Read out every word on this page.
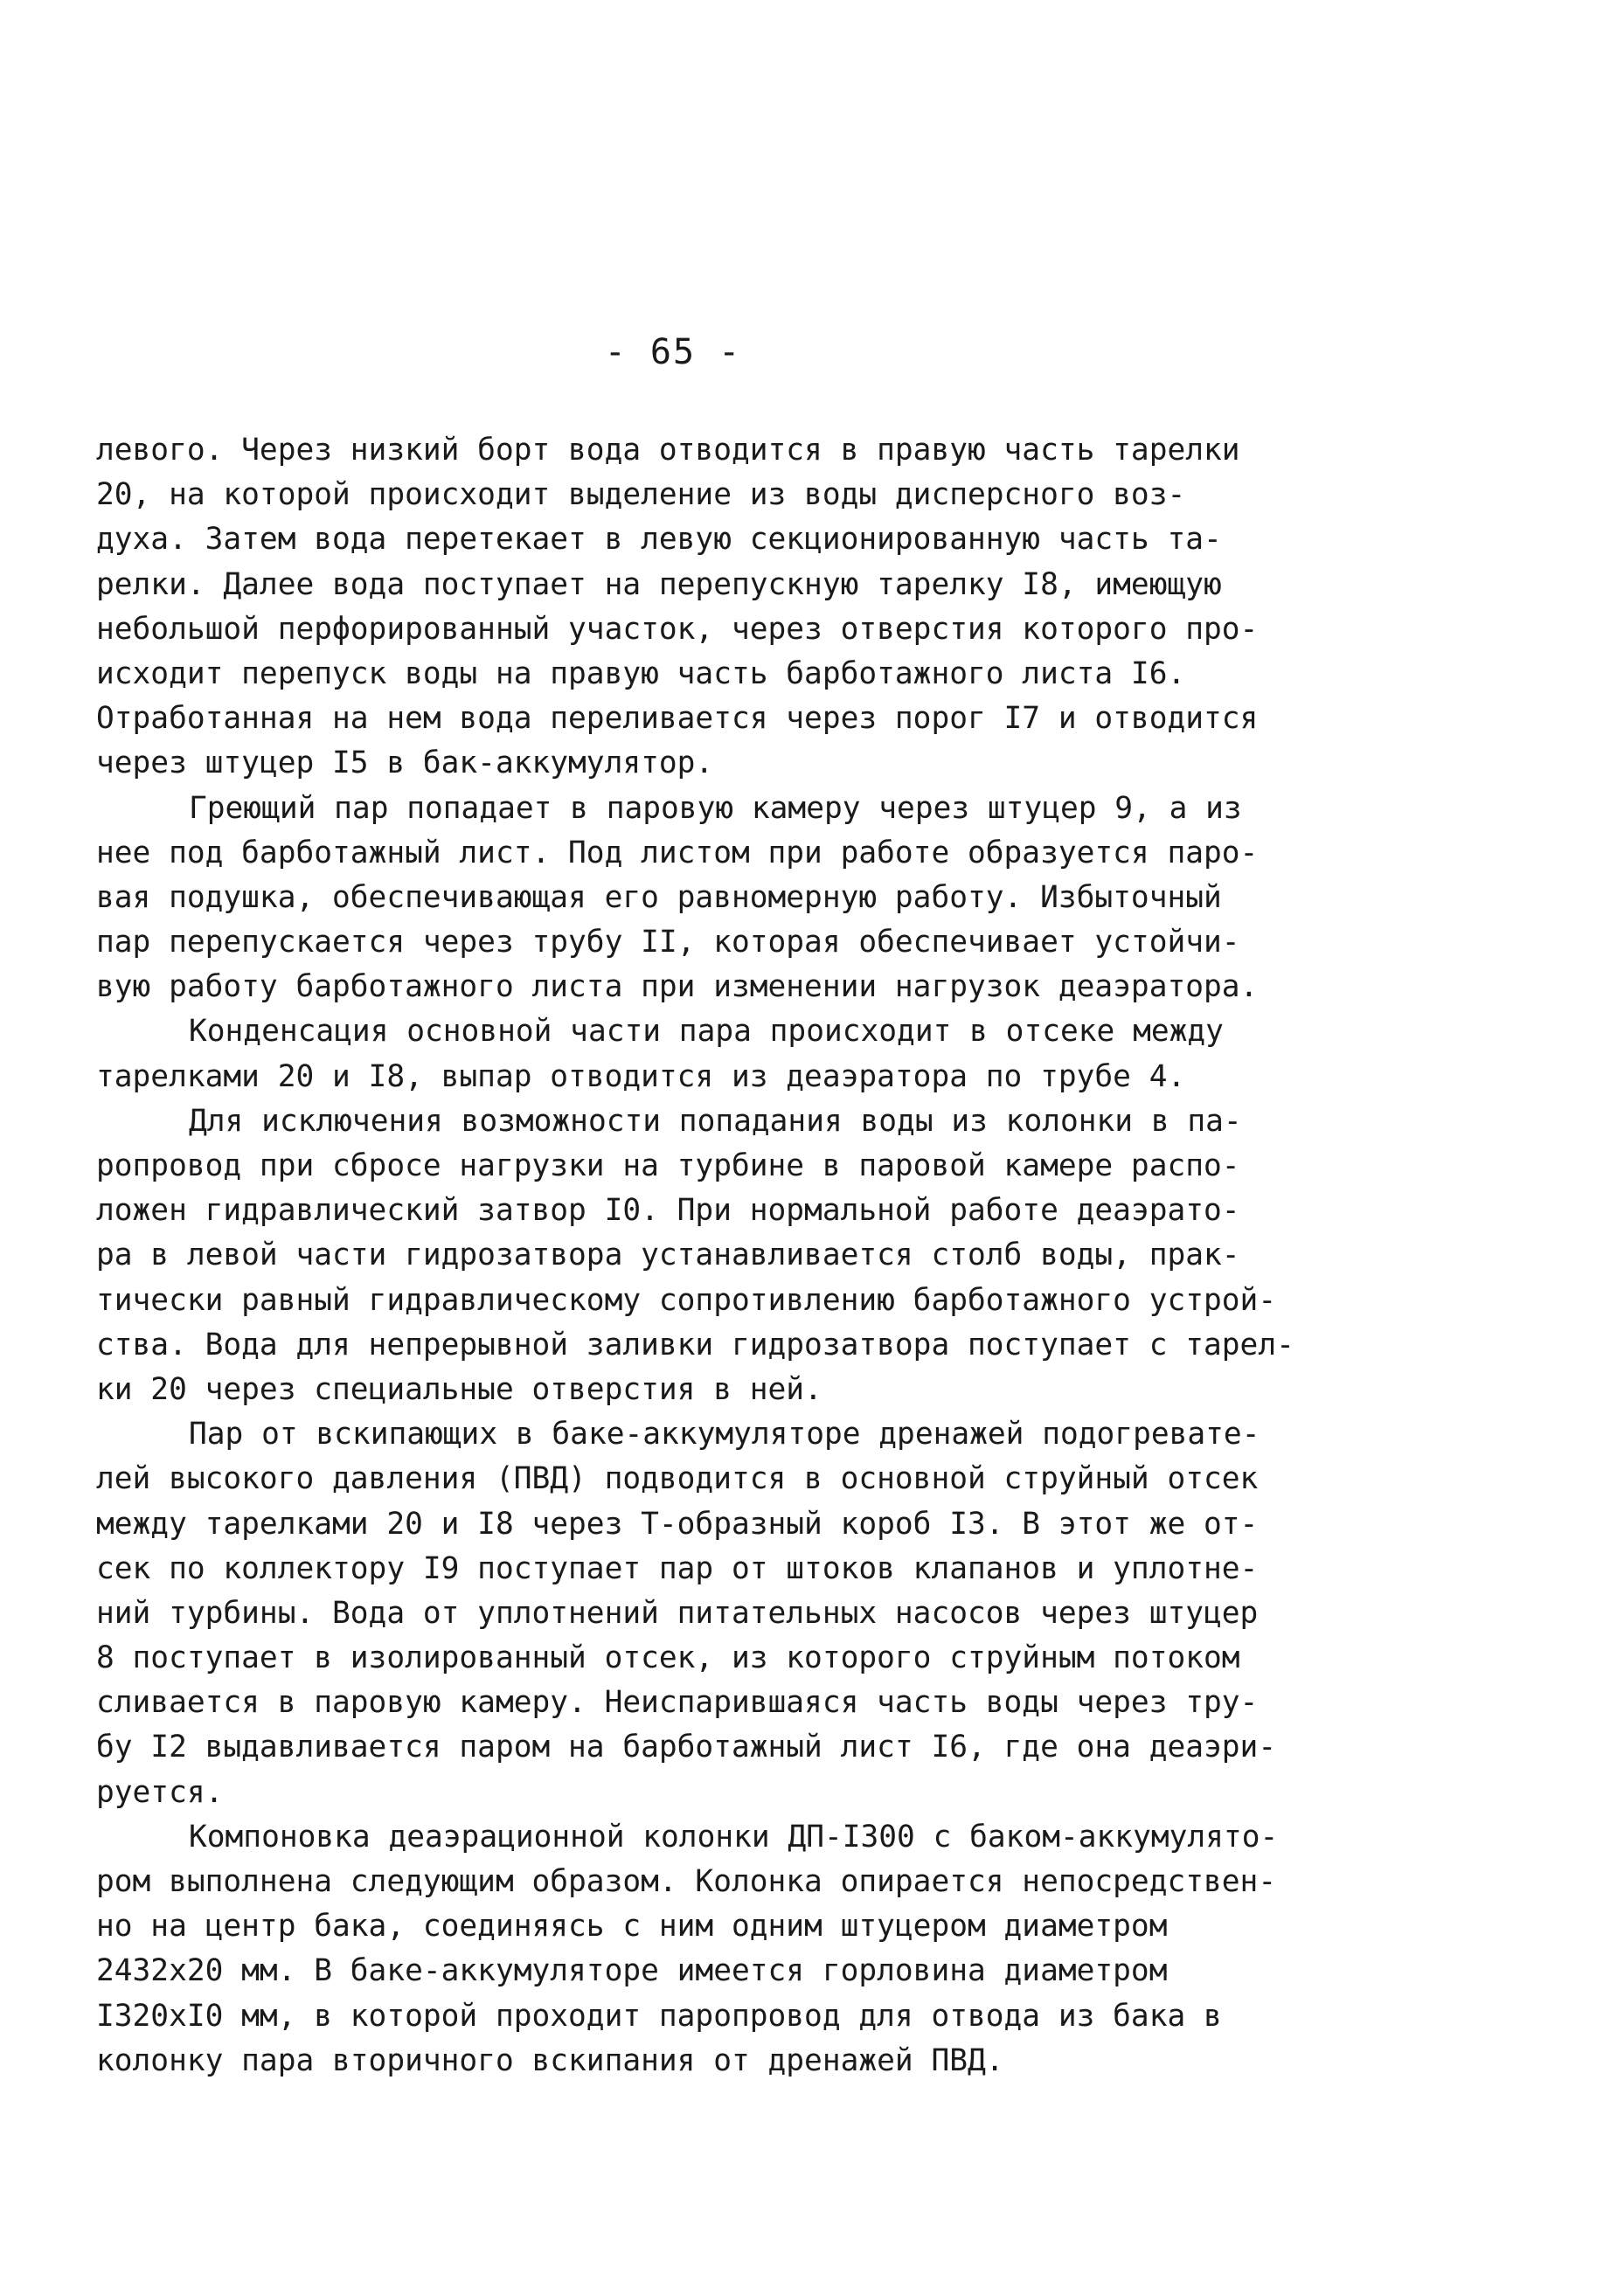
- 65 -
левого. Через низкий борт вода отводится в правую часть тарелки
20, на которой происходит выделение из воды дисперсного воз-
духа. Затем вода перетекает в левую секционированную часть та-
релки. Далее вода поступает на перепускную тарелку I8, имеющую
небольшой перфорированный участок, через отверстия которого про-
исходит перепуск воды на правую часть барботажного листа I6.
Отработанная на нем вода переливается через порог I7 и отводится
через штуцер I5 в бак-аккумулятор.
Греющий пар попадает в паровую камеру через штуцер 9, а из
нее под барботажный лист. Под листом при работе образуется паро-
вая подушка, обеспечивающая его равномерную работу. Избыточный
пар перепускается через трубу II, которая обеспечивает устойчи-
вую работу барботажного листа при изменении нагрузок деаэратора.
Конденсация основной части пара происходит в отсеке между
тарелками 20 и I8, выпар отводится из деаэратора по трубе 4.
Для исключения возможности попадания воды из колонки в па-
ропровод при сбросе нагрузки на турбине в паровой камере распо-
ложен гидравлический затвор I0. При нормальной работе деаэрато-
ра в левой части гидрозатвора устанавливается столб воды, прак-
тически равный гидравлическому сопротивлению барботажного устрой-
ства. Вода для непрерывной заливки гидрозатвора поступает с тарел-
ки 20 через специальные отверстия в ней.
Пар от вскипающих в баке-аккумуляторе дренажей подогревате-
лей высокого давления (ПВД) подводится в основной струйный отсек
между тарелками 20 и I8 через Т-образный короб I3. В этот же от-
сек по коллектору I9 поступает пар от штоков клапанов и уплотне-
ний турбины. Вода от уплотнений питательных насосов через штуцер
8 поступает в изолированный отсек, из которого струйным потоком
сливается в паровую камеру. Неиспарившаяся часть воды через тру-
бу I2 выдавливается паром на барботажный лист I6, где она деаэри-
руется.
Компоновка деаэрационной колонки ДП-I300 с баком-аккумулято-
ром выполнена следующим образом. Колонка опирается непосредствен-
но на центр бака, соединяясь с ним одним штуцером диаметром
2432х20 мм. В баке-аккумуляторе имеется горловина диаметром
I320хI0 мм, в которой проходит паропровод для отвода из бака в
колонку пара вторичного вскипания от дренажей ПВД.
